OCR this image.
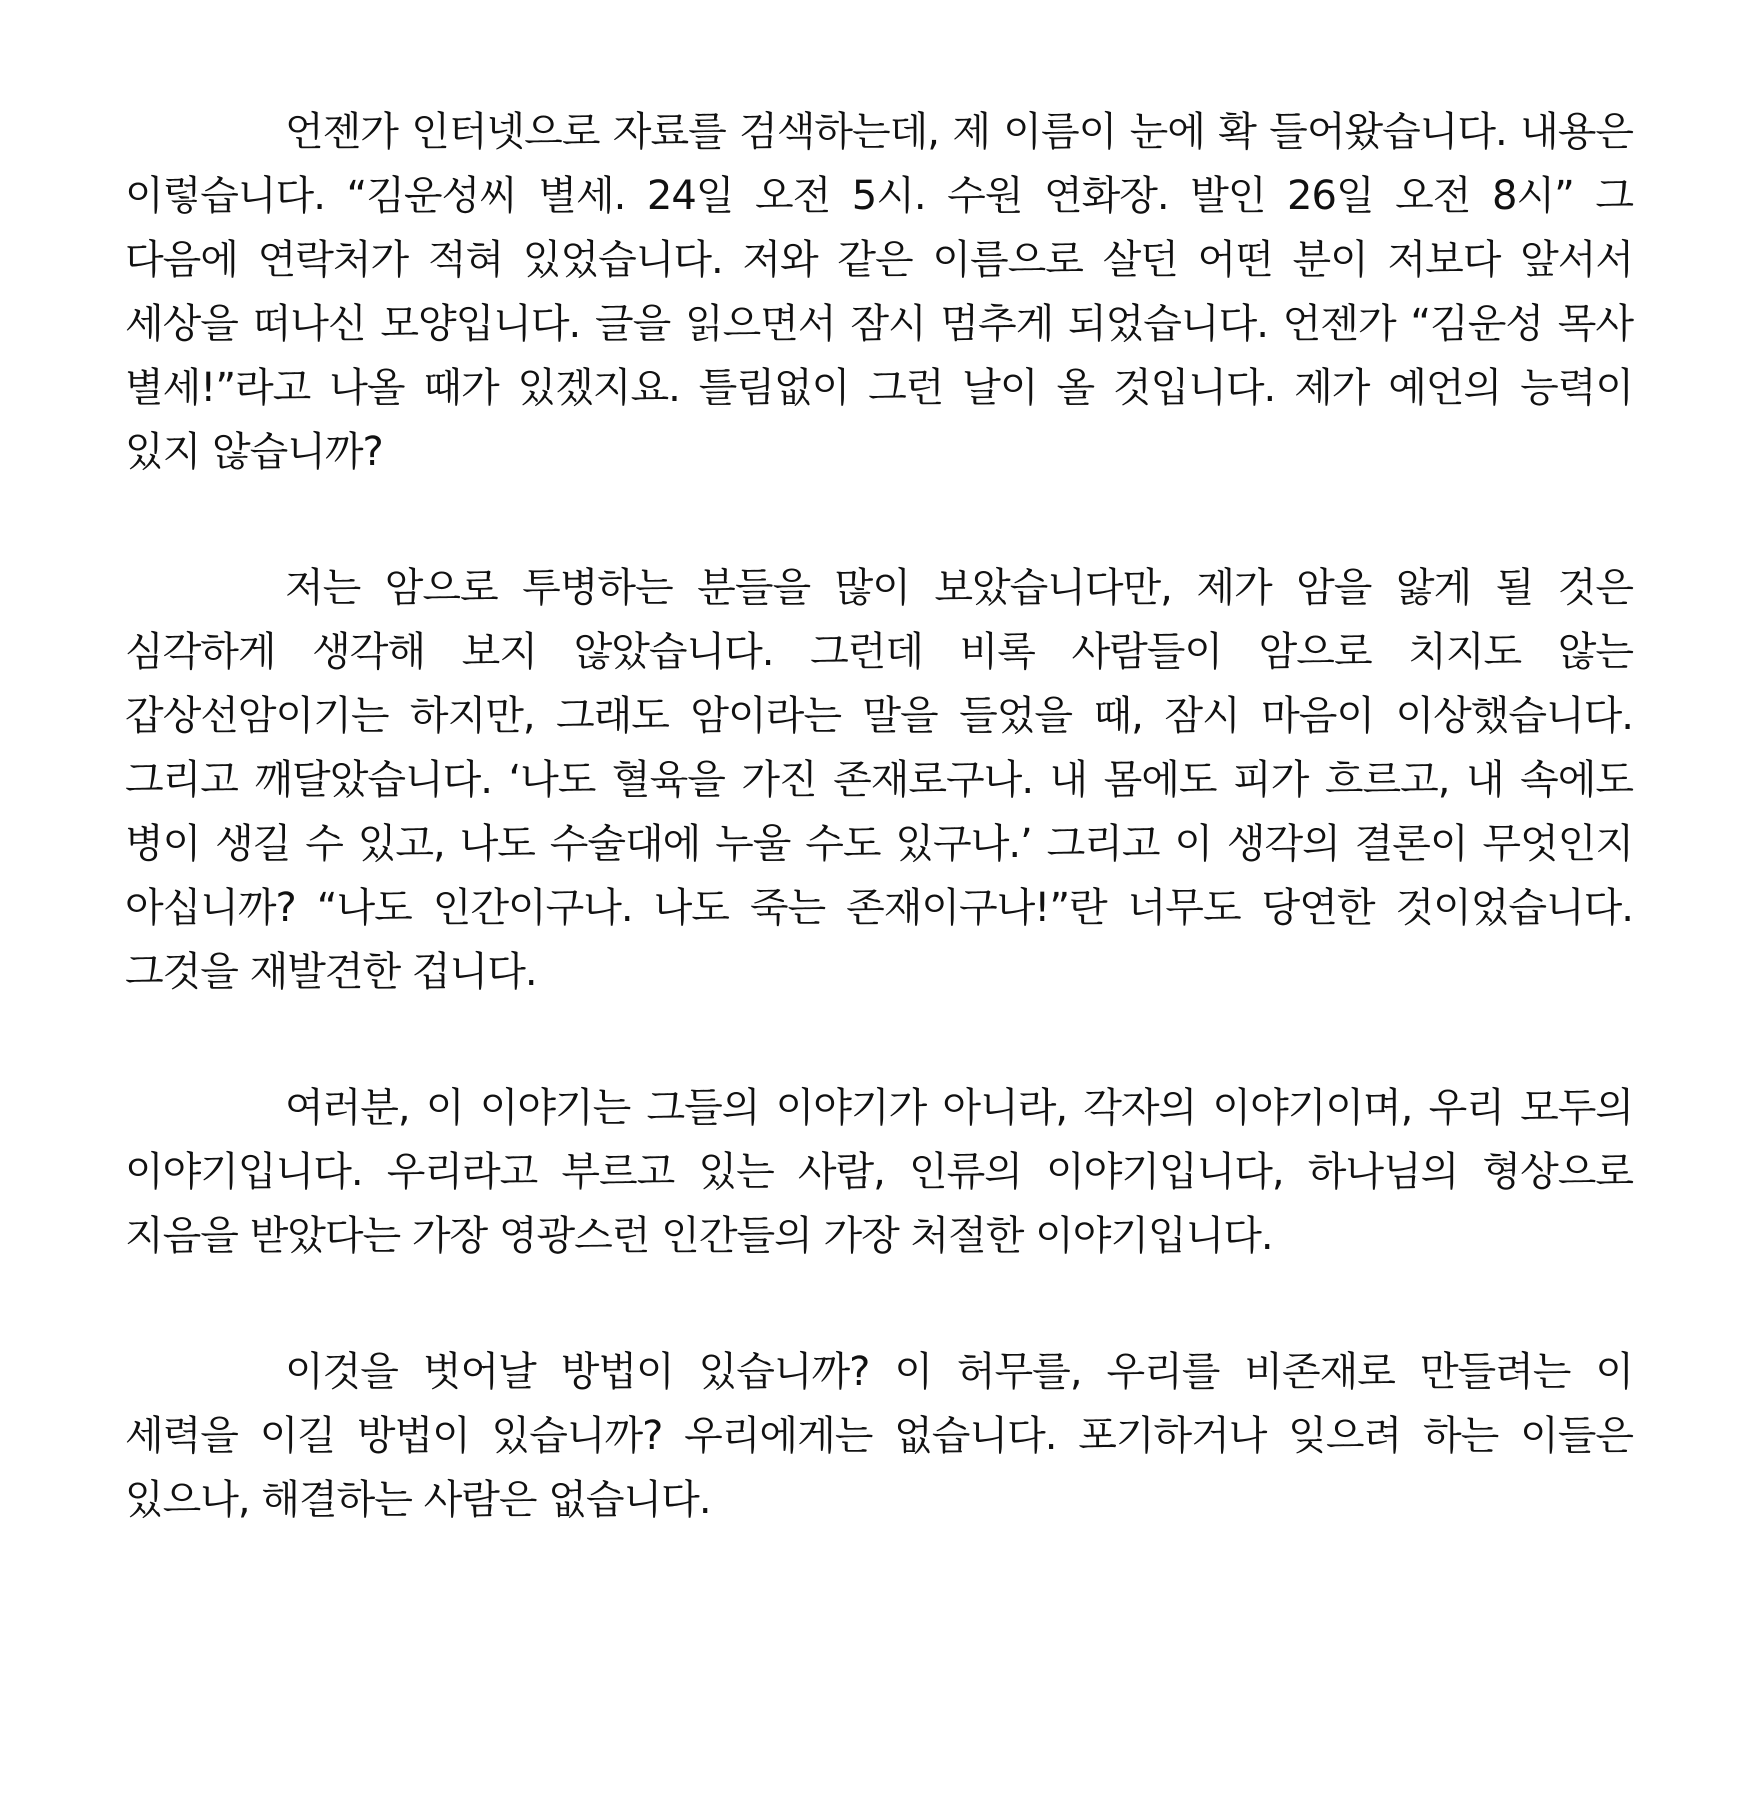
언젠가 인터넷으로 자료를 검색하는데, 제 이름이 눈에 확 들어왔습니다. 내용은 이렇습니다. “김운성씨 별세. 24일 오전 5시. 수원 연화장. 발인 26일 오전 8시” 그 다음에 연락처가 적혀 있었습니다. 저와 같은 이름으로 살던 어떤 분이 저보다 앞서서 세상을 떠나신 모양입니다. 글을 읽으면서 잠시 멈추게 되었습니다. 언젠가 “김운성 목사 별세!”라고 나올 때가 있겠지요. 틀림없이 그런 날이 올 것입니다. 제가 예언의 능력이 있지 않습니까?

저는 암으로 투병하는 분들을 많이 보았습니다만, 제가 암을 앓게 될 것은 심각하게 생각해 보지 않았습니다. 그런데 비록 사람들이 암으로 치지도 않는 갑상선암이기는 하지만, 그래도 암이라는 말을 들었을 때, 잠시 마음이 이상했습니다. 그리고 깨달았습니다. ‘나도 혈육을 가진 존재로구나. 내 몸에도 피가 흐르고, 내 속에도 병이 생길 수 있고, 나도 수술대에 누울 수도 있구나.’ 그리고 이 생각의 결론이 무엇인지 아십니까? “나도 인간이구나. 나도 죽는 존재이구나!”란 너무도 당연한 것이었습니다. 그것을 재발견한 겁니다.

여러분, 이 이야기는 그들의 이야기가 아니라, 각자의 이야기이며, 우리 모두의 이야기입니다. 우리라고 부르고 있는 사람, 인류의 이야기입니다, 하나님의 형상으로 지음을 받았다는 가장 영광스런 인간들의 가장 처절한 이야기입니다.

이것을 벗어날 방법이 있습니까? 이 허무를, 우리를 비존재로 만들려는 이 세력을 이길 방법이 있습니까? 우리에게는 없습니다. 포기하거나 잊으려 하는 이들은 있으나, 해결하는 사람은 없습니다.
